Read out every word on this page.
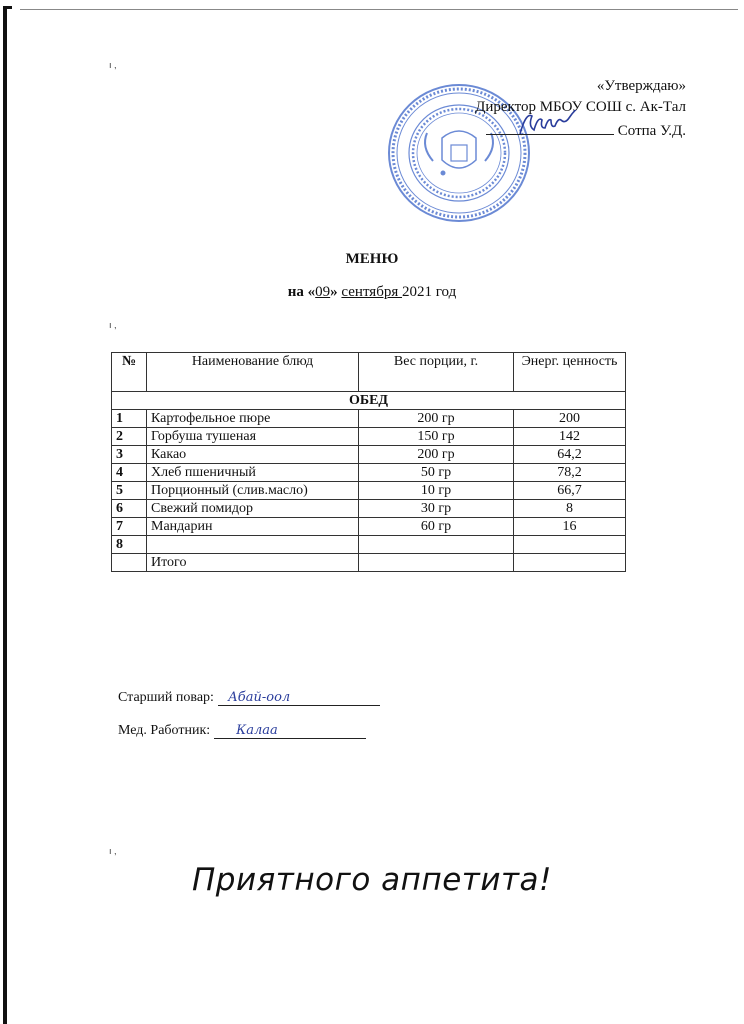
ı ,
ı ,
ı ,
«Утверждаю»
Директор МБОУ СОШ с. Ак-Тал
Сотпа У.Д.
МЕНЮ
на «09» сентября 2021 год
№	Наименование блюд	Вес порции, г.	Энерг. ценность
ОБЕД			
1	Картофельное пюре	200 гр	200
2	Горбуша тушеная	150 гр	142
3	Какао	200 гр	64,2
4	Хлеб пшеничный	50 гр	78,2
5	Порционный (слив.масло)	10 гр	66,7
6	Свежий помидор	30 гр	8
7	Мандарин	60 гр	16
8			
	Итого		
Старший повар: Абай-оол
Мед. Работник: Калаа
Приятного аппетита!
